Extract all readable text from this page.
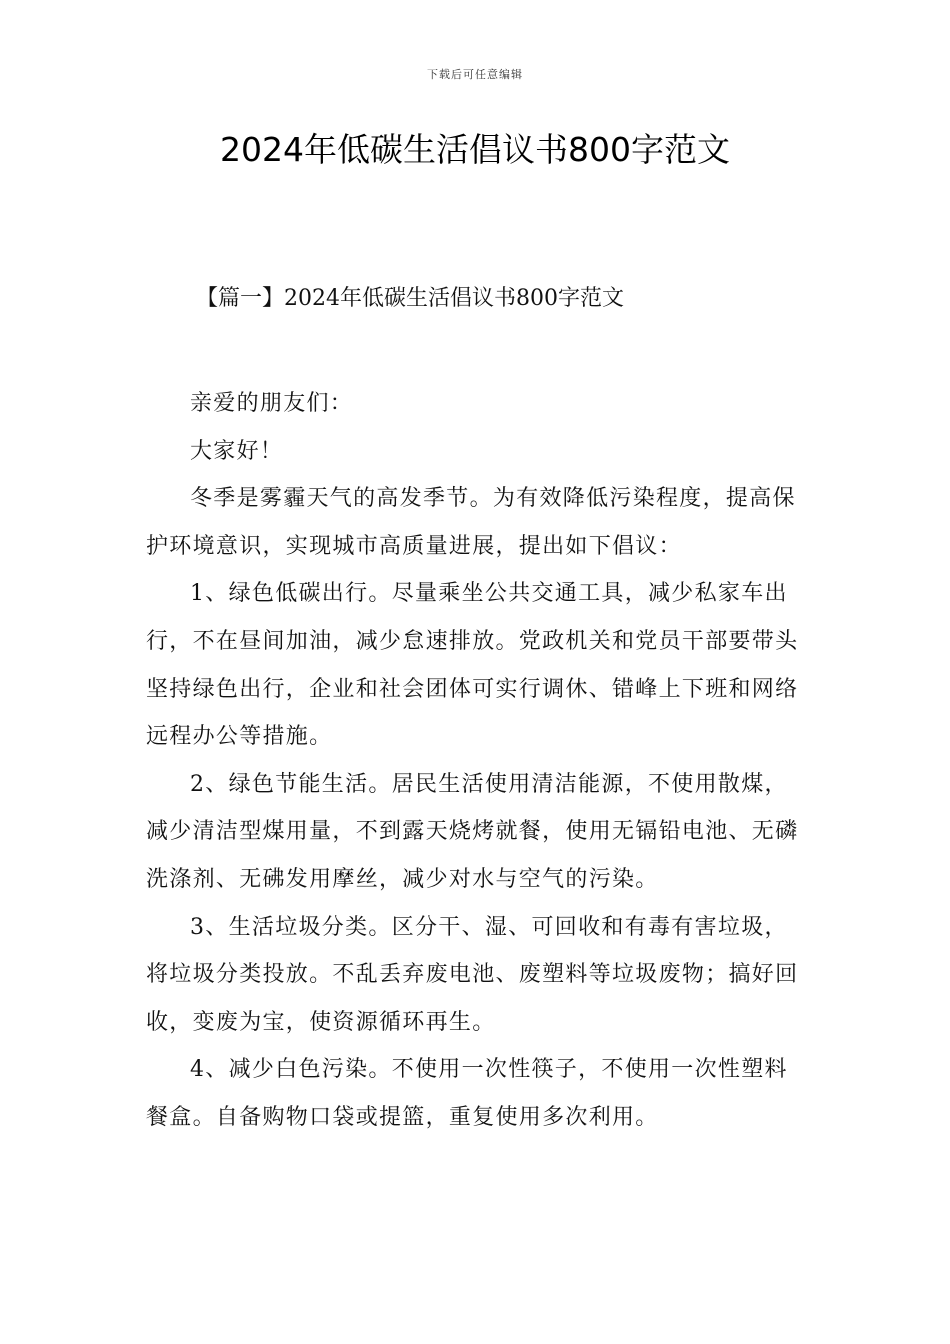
下载后可任意编辑
2024年低碳生活倡议书800字范文
【篇一】2024年低碳生活倡议书800字范文

亲爱的朋友们：

大家好！

冬季是雾霾天气的高发季节。为有效降低污染程度，提高保护环境意识，实现城市高质量进展，提出如下倡议：

1、绿色低碳出行。尽量乘坐公共交通工具，减少私家车出行，不在昼间加油，减少怠速排放。党政机关和党员干部要带头坚持绿色出行，企业和社会团体可实行调休、错峰上下班和网络远程办公等措施。

2、绿色节能生活。居民生活使用清洁能源，不使用散煤，减少清洁型煤用量，不到露天烧烤就餐，使用无镉铅电池、无磷洗涤剂、无砩发用摩丝，减少对水与空气的污染。

3、生活垃圾分类。区分干、湿、可回收和有毒有害垃圾，将垃圾分类投放。不乱丢弃废电池、废塑料等垃圾废物；搞好回收，变废为宝，使资源循环再生。

4、减少白色污染。不使用一次性筷子，不使用一次性塑料餐盒。自备购物口袋或提篮，重复使用多次利用。
